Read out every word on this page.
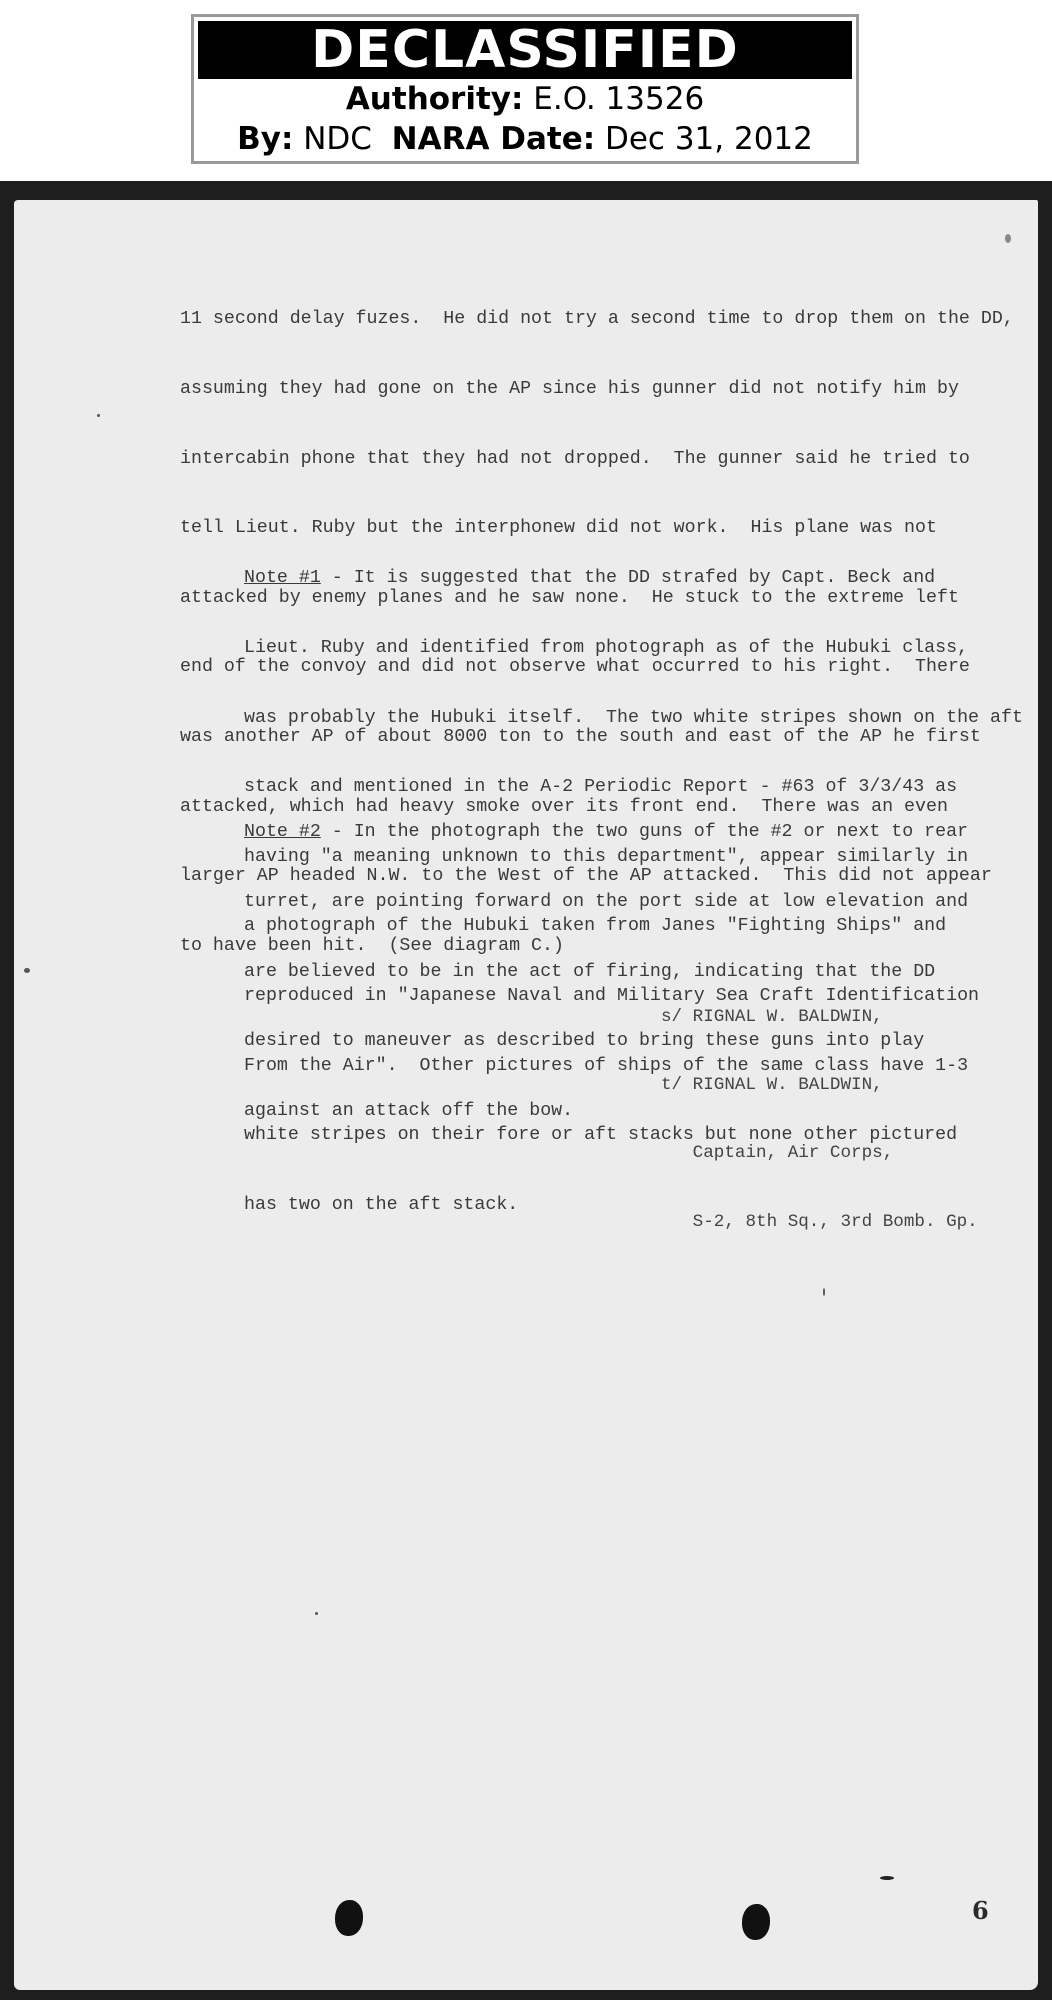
DECLASSIFIED
Authority: E.O. 13526
By: NDC NARA Date: Dec 31, 2012

11 second delay fuzes.  He did not try a second time to drop them on the DD,

assuming they had gone on the AP since his gunner did not notify him by

intercabin phone that they had not dropped.  The gunner said he tried to

tell Lieut. Ruby but the interphonew did not work.  His plane was not

attacked by enemy planes and he saw none.  He stuck to the extreme left

end of the convoy and did not observe what occurred to his right.  There

was another AP of about 8000 ton to the south and east of the AP he first

attacked, which had heavy smoke over its front end.  There was an even

larger AP headed N.W. to the West of the AP attacked.  This did not appear

to have been hit.  (See diagram C.)

Note #1 - It is suggested that the DD strafed by Capt. Beck and

Lieut. Ruby and identified from photograph as of the Hubuki class,

was probably the Hubuki itself.  The two white stripes shown on the aft

stack and mentioned in the A-2 Periodic Report - #63 of 3/3/43 as

having "a meaning unknown to this department", appear similarly in

a photograph of the Hubuki taken from Janes "Fighting Ships" and

reproduced in "Japanese Naval and Military Sea Craft Identification

From the Air".  Other pictures of ships of the same class have 1-3

white stripes on their fore or aft stacks but none other pictured

has two on the aft stack.

Note #2 - In the photograph the two guns of the #2 or next to rear

turret, are pointing forward on the port side at low elevation and

are believed to be in the act of firing, indicating that the DD

desired to maneuver as described to bring these guns into play

against an attack off the bow.

s/ RIGNAL W. BALDWIN,

t/ RIGNAL W. BALDWIN,

Captain, Air Corps,

S-2, 8th Sq., 3rd Bomb. Gp.

6
